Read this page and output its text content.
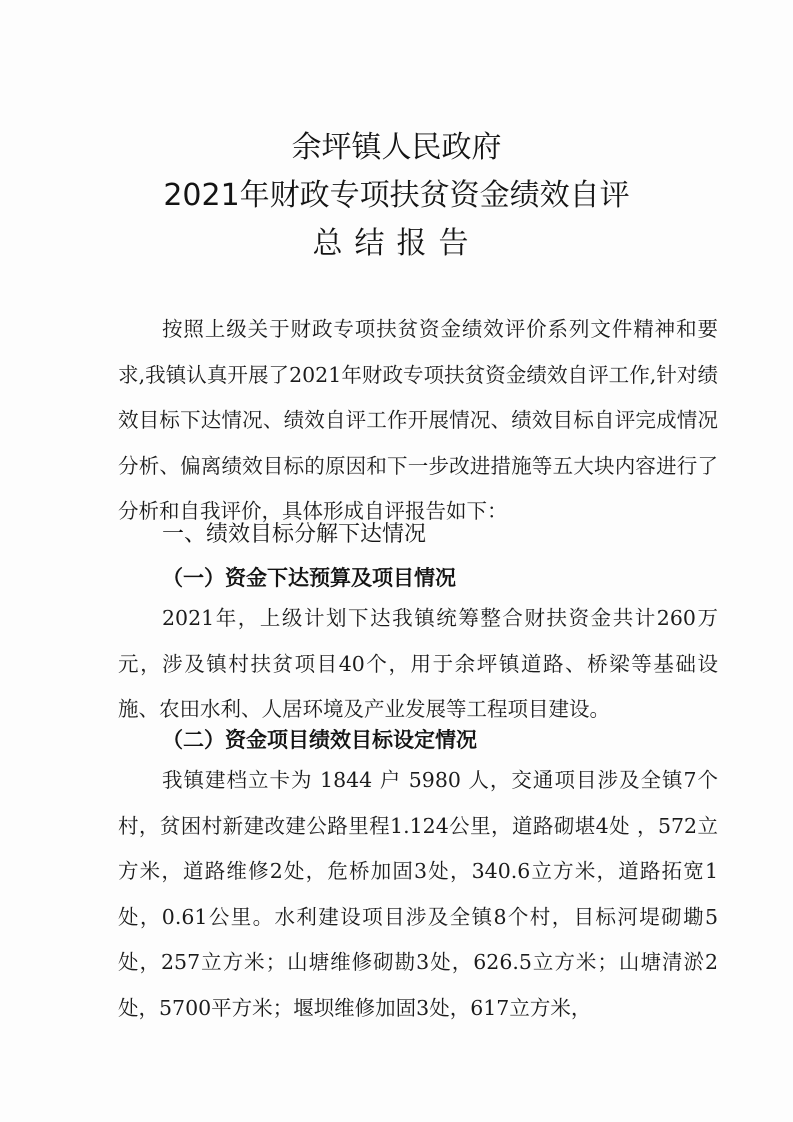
余坪镇人民政府
2021年财政专项扶贫资金绩效自评
总结报告
按照上级关于财政专项扶贫资金绩效评价系列文件精神和要求,我镇认真开展了2021年财政专项扶贫资金绩效自评工作,针对绩效目标下达情况、绩效自评工作开展情况、绩效目标自评完成情况分析、偏离绩效目标的原因和下一步改进措施等五大块内容进行了分析和自我评价，具体形成自评报告如下：
一、绩效目标分解下达情况
（一）资金下达预算及项目情况
2021年，上级计划下达我镇统筹整合财扶资金共计260万元，涉及镇村扶贫项目40个，用于余坪镇道路、桥梁等基础设施、农田水利、人居环境及产业发展等工程项目建设。
（二）资金项目绩效目标设定情况
我镇建档立卡为 1844 户 5980 人，交通项目涉及全镇7个村，贫困村新建改建公路里程1.124公里，道路砌堪4处 ，572立方米，道路维修2处，危桥加固3处，340.6立方米，道路拓宽1处，0.61公里。水利建设项目涉及全镇8个村，目标河堤砌墈5处，257立方米；山塘维修砌勘3处，626.5立方米；山塘清淤2处，5700平方米；堰坝维修加固3处，617立方米，
